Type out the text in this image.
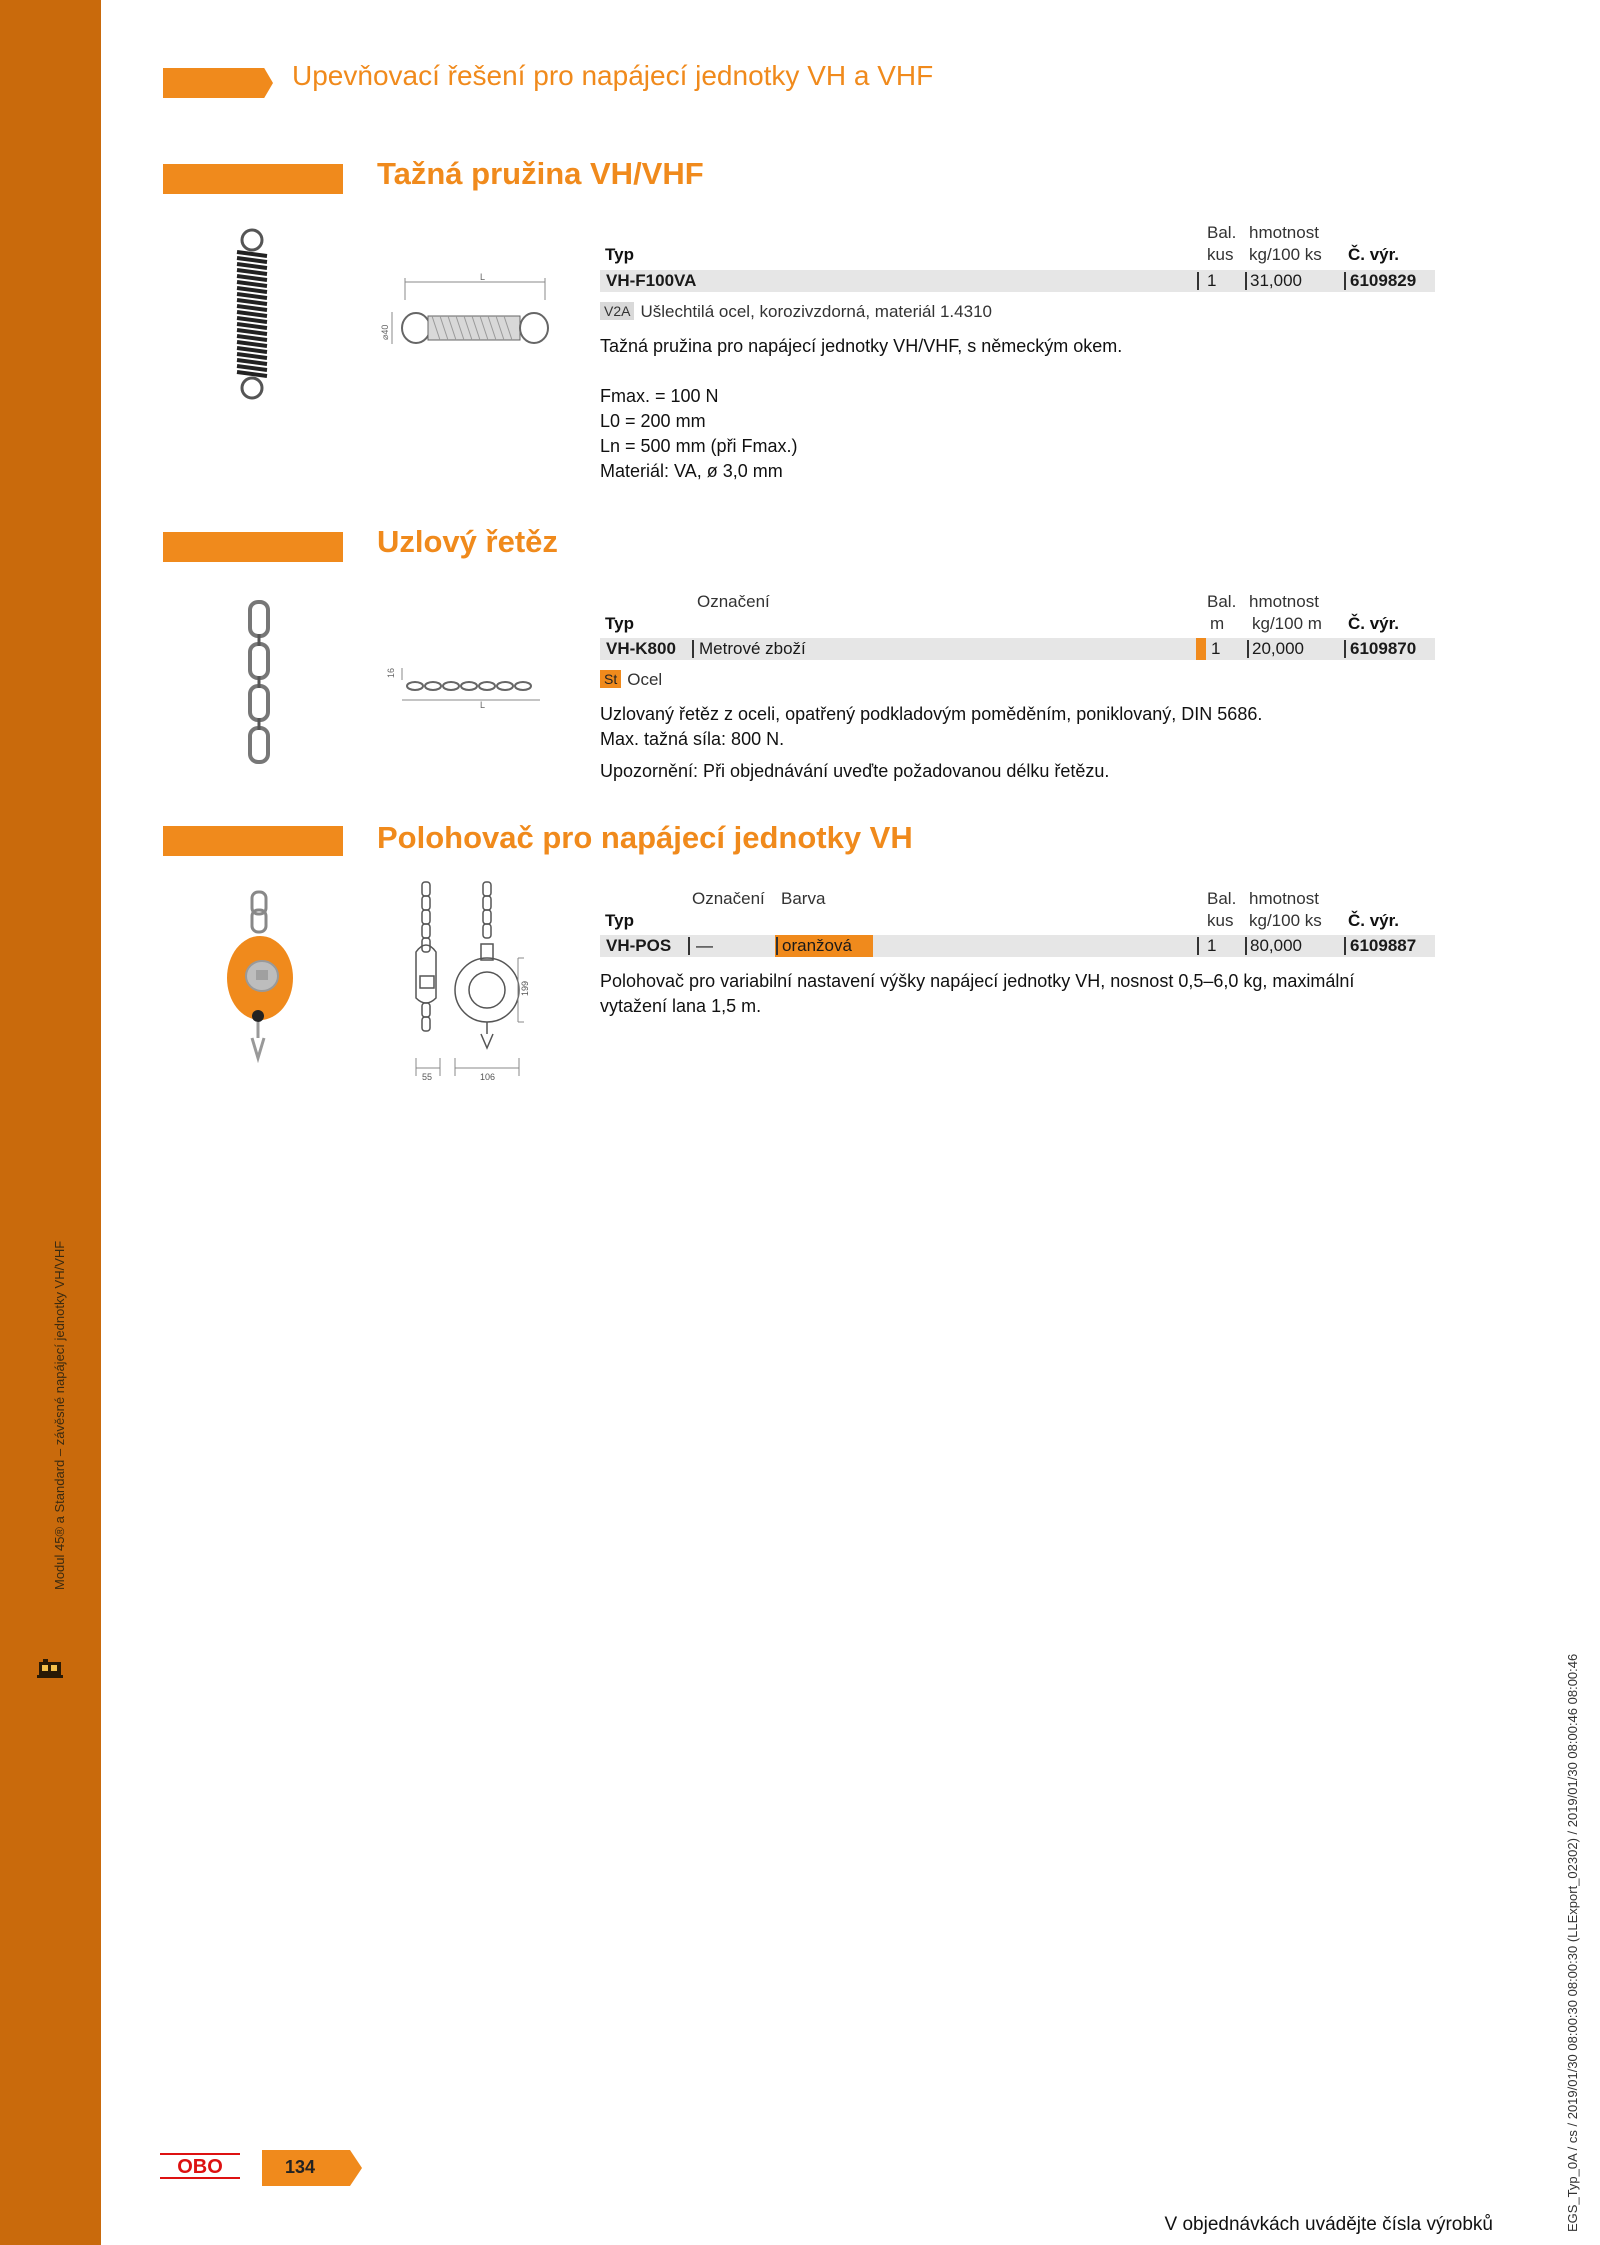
Modul 45® a Standard – závěsné napájecí jednotky VH/VHF
Upevňovací řešení pro napájecí jednotky VH a VHF
Tažná pružina VH/VHF
L
⌀40
Bal. hmotnost
Typ	kus kg/100 ks Č. výr.
VH-F100VA	1 31,000	6109829
V2A Ušlechtilá ocel, korozivzdorná, materiál 1.4310
Tažná pružina pro napájecí jednotky VH/VHF, s německým okem.
Fmax. = 100 N
L0 = 200 mm
Ln = 500 mm (při Fmax.)
Materiál: VA, ø 3,0 mm
Uzlový řetěz
L
16
Označení	Bal. hmotnost
Typ	m kg/100 m Č. výr.
VH-K800 Metrové zboží	1 20,000	6109870
St Ocel
Uzlovaný řetěz z oceli, opatřený podkladovým poměděním, poniklovaný, DIN 5686.
Max. tažná síla: 800 N.
Upozornění: Při objednávání uveďte požadovanou délku řetězu.
Polohovač pro napájecí jednotky VH
55	106
199
Označení Barva	Bal. hmotnost
Typ	kus kg/100 ks Č. výr.
VH-POS —	oranžová	1 80,000	6109887
Polohovač pro variabilní nastavení výšky napájecí jednotky VH, nosnost 0,5–6,0 kg, maximální
vytažení lana 1,5 m.
OBO	134
V objednávkách uvádějte čísla výrobků	EGS_Typ_0A / cs / 2019/01/30 08:00:30 08:00:30 (LLExport_02302) / 2019/01/30 08:00:46 08:00:46
